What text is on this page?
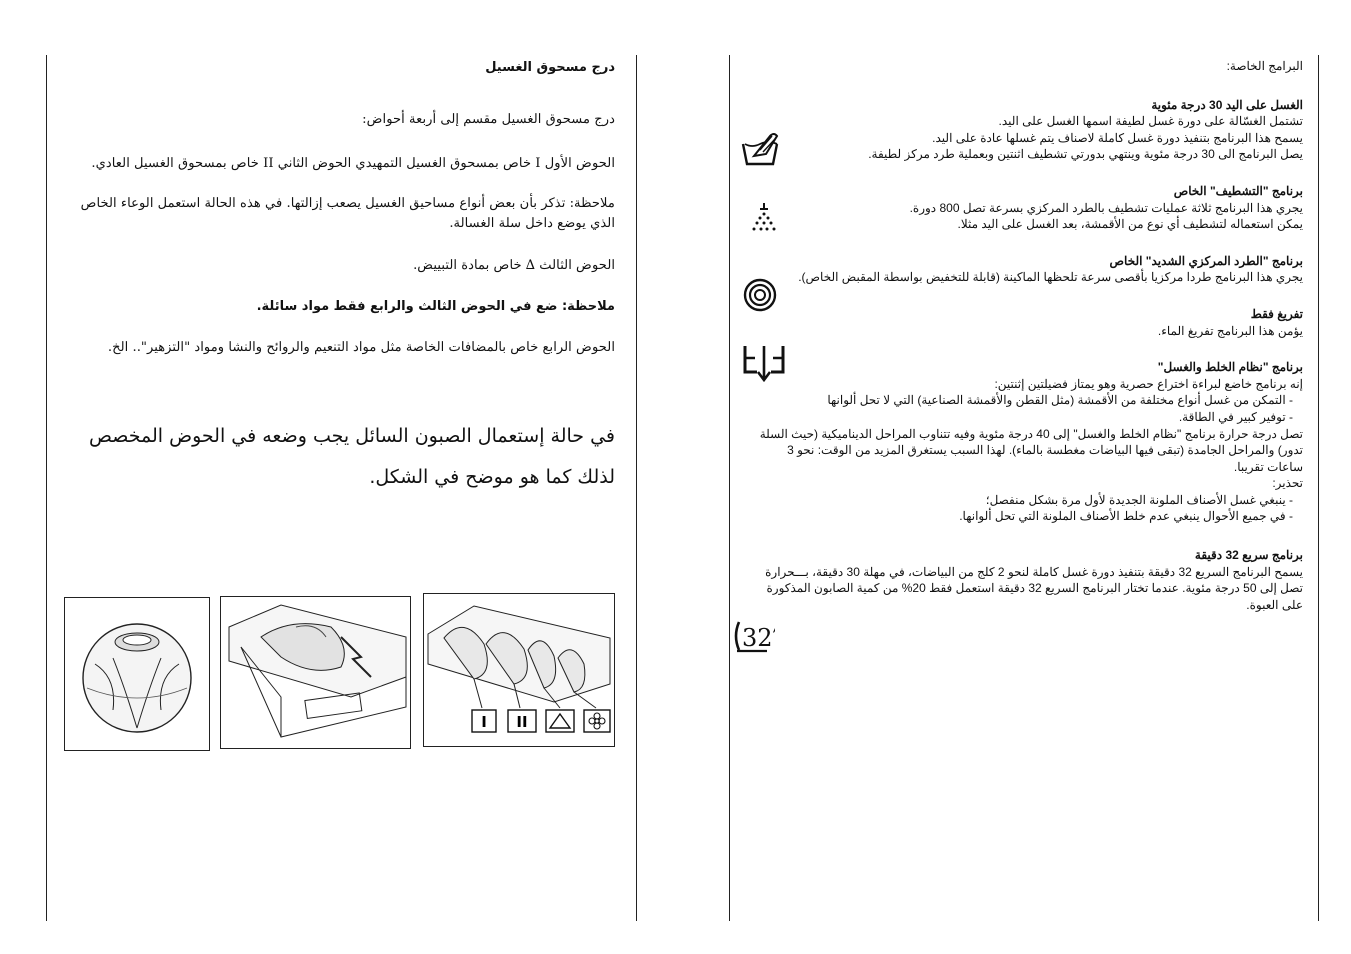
درج مسحوق الغسيل

درج مسحوق الغسيل مقسم إلى أربعة أحواض:

الحوض الأول I خاص بمسحوق الغسيل التمهيدي الحوض الثاني II خاص بمسحوق الغسيل العادي.

ملاحظة: تذكر بأن بعض أنواع مساحيق الغسيل يصعب إزالتها. في هذه الحالة استعمل الوعاء الخاص الذي يوضع داخل سلة الغسالة.

الحوض الثالث ∆ خاص بمادة التبييض.

ملاحظة: ضع في الحوض الثالث والرابع فقط مواد سائلة.

الحوض الرابع خاص بالمضافات الخاصة مثل مواد التنعيم والروائح والنشا ومواد "التزهير".. الخ.

في حالة إستعمال الصبون السائل يجب وضعه في الحوض المخصص لذلك كما هو موضح في الشكل.

I II

البرامج الخاصة:

الغسل على اليد 30 درجة مئوية

تشتمل الغسّالة على دورة غسل لطيفة اسمها الغسل على اليد.

يسمح هذا البرنامج بتنفيذ دورة غسل كاملة لاصناف يتم غسلها عادة على اليد.

يصل البرنامج الى 30 درجة مئوية وينتهي بدورتي تشطيف اثنتين وبعملية طرد مركز لطيفة.

برنامج "التشطيف" الخاص

يجري هذا البرنامج ثلاثة عمليات تشطيف بالطرد المركزي بسرعة تصل 800 دورة.

يمكن استعماله لتشطيف أي نوع من الأقمشة، بعد الغسل على اليد مثلا.

برنامج "الطرد المركزي الشديد" الخاص

يجري هذا البرنامج طردا مركزيا بأقصى سرعة تلحظها الماكينة (قابلة للتخفيض بواسطة المقبض الخاص).

تفريغ فقط

يؤمن هذا البرنامج تفريغ الماء.

برنامج "نظام الخلط والغسل"

إنه برنامج خاضع لبراءة اختراع حصرية وهو يمتاز فضيلتين إثنتين:

- التمكن من غسل أنواع مختلفة من الأقمشة (مثل القطن والأقمشة الصناعية) التي لا تحل ألوانها

- توفير كبير في الطاقة.

تصل درجة حرارة برنامج "نظام الخلط والغسل" إلى 40 درجة مئوية وفيه تتناوب المراحل الديناميكية (حيث السلة تدور) والمراحل الجامدة (تبقى فيها البياضات مغطسة بالماء). لهذا السبب يستغرق المزيد من الوقت: نحو 3 ساعات تقريبا.

تحذير:

- ينبغي غسل الأصناف الملونة الجديدة لأول مرة بشكل منفصل؛

- في جميع الأحوال ينبغي عدم خلط الأصناف الملونة التي تحل ألوانها.

برنامج سريع 32 دقيقة

يسمح البرنامج السريع 32 دقيقة بتنفيذ دورة غسل كاملة لنحو 2 كلج من البياضات، في مهلة 30 دقيقة، بـــحرارة تصل إلى 50 درجة مئوية. عندما تختار البرنامج السريع 32 دقيقة استعمل فقط 20% من كمية الصابون المذكورة على العبوة.

32′
